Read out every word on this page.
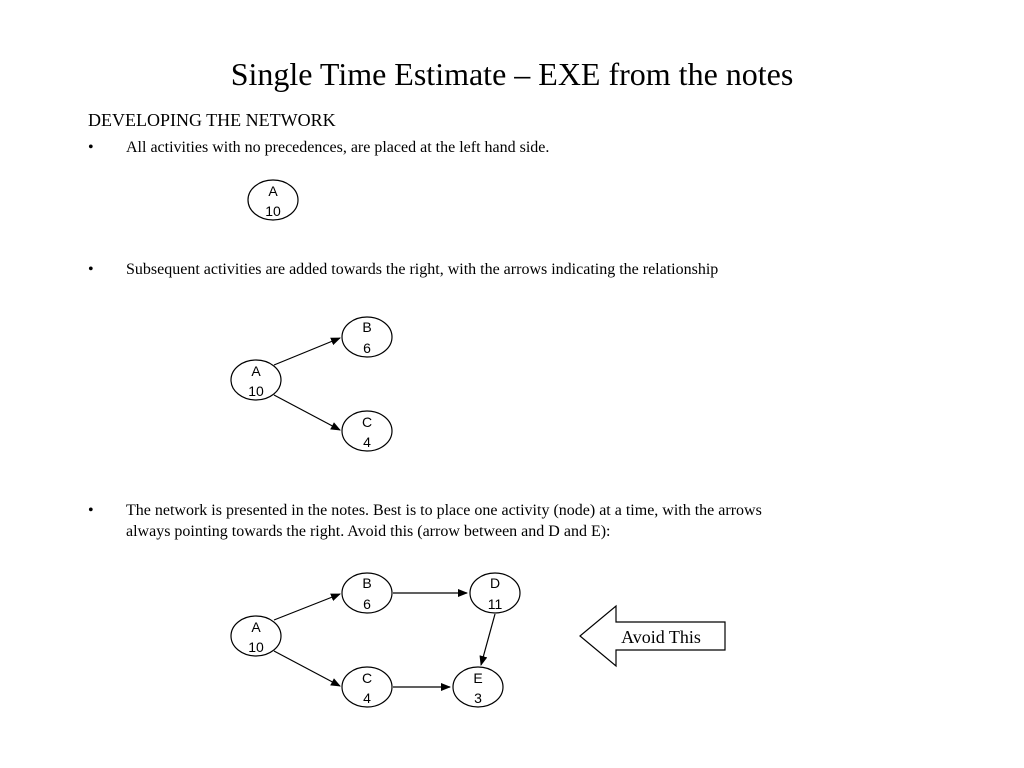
Single Time Estimate – EXE from the notes
DEVELOPING THE NETWORK
•	All activities with no precedences, are placed at the left hand side.
•	Subsequent activities are added towards the right, with the arrows indicating the relationship
•	The network is presented in the notes. Best is to place one activity (node) at a time, with the arrows always pointing towards the right. Avoid this (arrow between and D and E):
A
10
A
10
B
6
C
4
A
10
B
6
C
4
D
11
E
3
Avoid This
